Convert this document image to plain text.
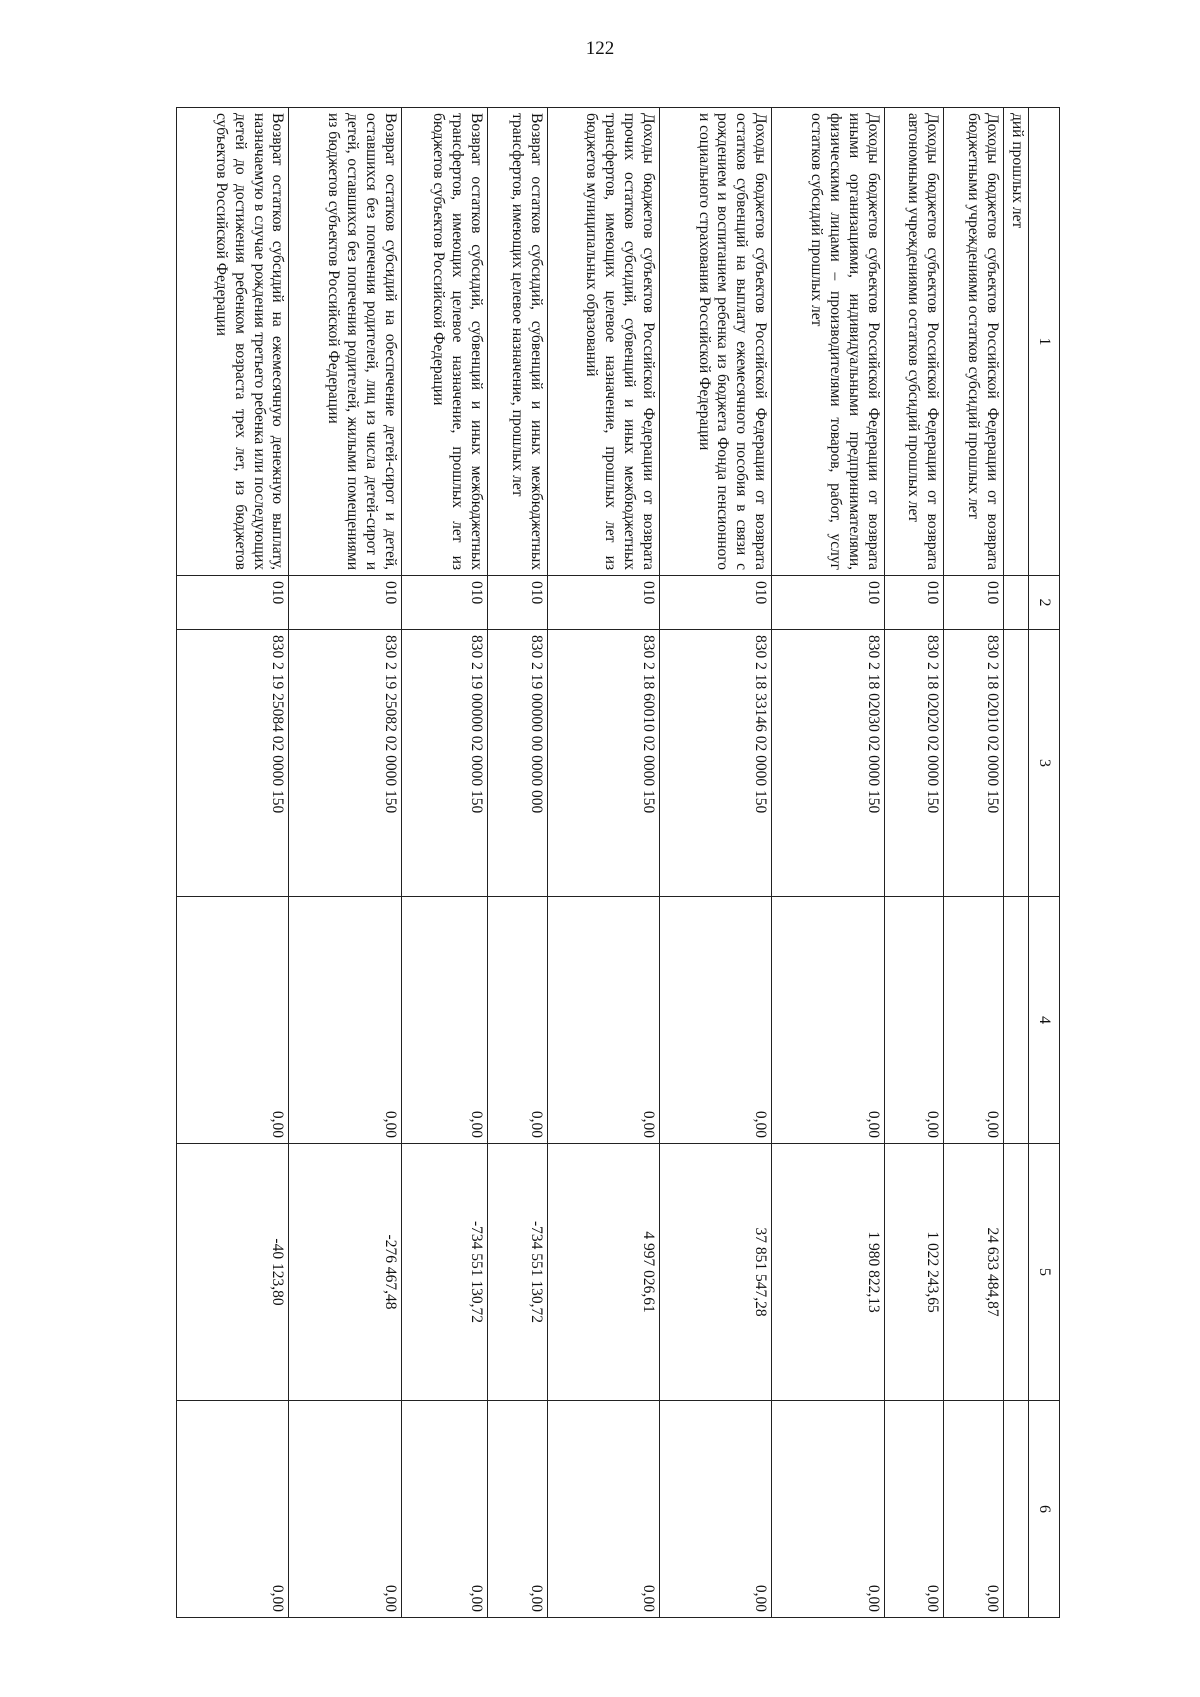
122
1	2	3	4	5	6
дий прошлых лет					
Доходы бюджетов субъектов Российской Федерации от возврата бюджетными учреждениями остатков субсидий прошлых лет	010	830 2 18 02010 02 0000 150	0,00	24 633 484,87	0,00
Доходы бюджетов субъектов Российской Федерации от возврата автономными учреждениями остатков субсидий прошлых лет	010	830 2 18 02020 02 0000 150	0,00	1 022 243,65	0,00
Доходы бюджетов субъектов Российской Федерации от возврата иными организациями, индивидуальными предпринимателями, физическими лицами – производителями товаров, работ, услуг остатков субсидий прошлых лет	010	830 2 18 02030 02 0000 150	0,00	1 980 822,13	0,00
Доходы бюджетов субъектов Российской Федерации от возврата остатков субвенций на выплату ежемесячного пособия в связи с рождением и воспитанием ребенка из бюджета Фонда пенсионного и социального страхования Российской Федерации	010	830 2 18 33146 02 0000 150	0,00	37 851 547,28	0,00
Доходы бюджетов субъектов Российской Федерации от возврата прочих остатков субсидий, субвенций и иных межбюджетных трансфертов, имеющих целевое назначение, прошлых лет из бюджетов муниципальных образований	010	830 2 18 60010 02 0000 150	0,00	4 997 026,61	0,00
Возврат остатков субсидий, субвенций и иных межбюджетных трансфертов, имеющих целевое назначение, прошлых лет	010	830 2 19 00000 00 0000 000	0,00	-734 551 130,72	0,00
Возврат остатков субсидий, субвенций и иных межбюджетных трансфертов, имеющих целевое назначение, прошлых лет из бюджетов субъектов Российской Федерации	010	830 2 19 00000 02 0000 150	0,00	-734 551 130,72	0,00
Возврат остатков субсидий на обеспечение детей-сирот и детей, оставшихся без попечения родителей, лиц из числа детей-сирот и детей, оставшихся без попечения родителей, жилыми помещениями из бюджетов субъектов Российской Федерации	010	830 2 19 25082 02 0000 150	0,00	-276 467,48	0,00
Возврат остатков субсидий на ежемесячную денежную выплату, назначаемую в случае рождения третьего ребенка или последующих детей до достижения ребенком возраста трех лет, из бюджетов субъектов Российской Федерации	010	830 2 19 25084 02 0000 150	0,00	-40 123,80	0,00
